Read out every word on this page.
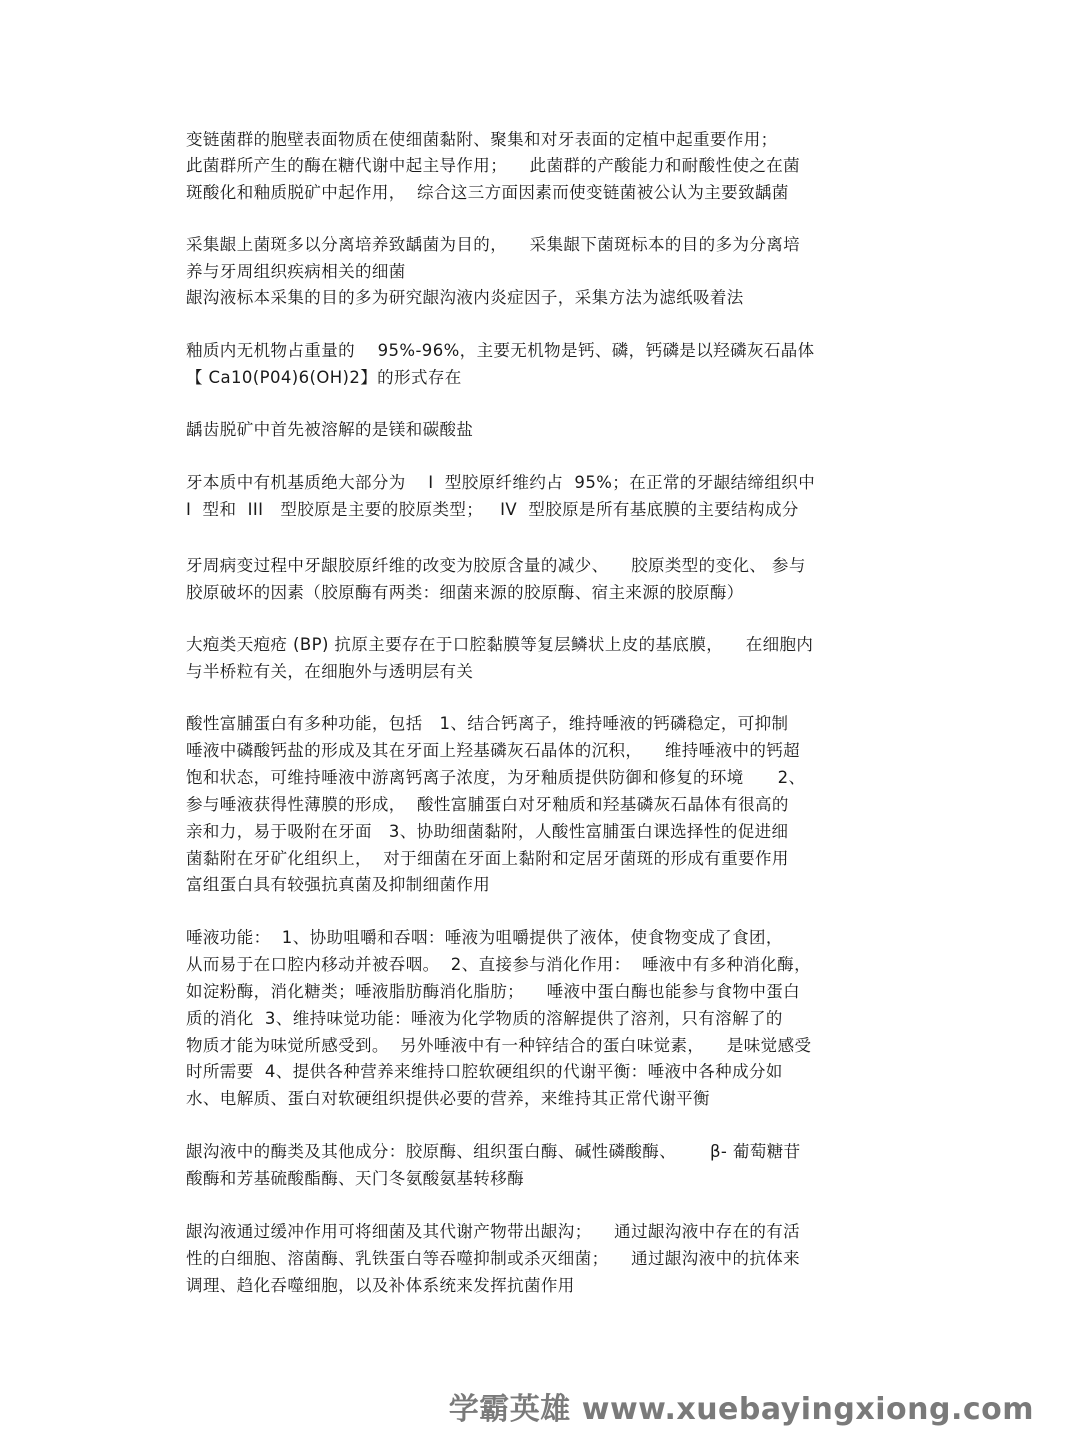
变链菌群的胞壁表面物质在使细菌黏附、聚集和对牙表面的定植中起重要作用；
此菌群所产生的酶在糖代谢中起主导作用；    此菌群的产酸能力和耐酸性使之在菌
斑酸化和釉质脱矿中起作用，  综合这三方面因素而使变链菌被公认为主要致龋菌
采集龈上菌斑多以分离培养致龋菌为目的，    采集龈下菌斑标本的目的多为分离培
养与牙周组织疾病相关的细菌
龈沟液标本采集的目的多为研究龈沟液内炎症因子，采集方法为滤纸吸着法
釉质内无机物占重量的    95%-96%，主要无机物是钙、磷，钙磷是以羟磷灰石晶体
【 Ca10(P04)6(OH)2】的形式存在
龋齿脱矿中首先被溶解的是镁和碳酸盐
牙本质中有机基质绝大部分为    I  型胶原纤维约占  95%；在正常的牙龈结缔组织中
I  型和  III   型胶原是主要的胶原类型；   IV  型胶原是所有基底膜的主要结构成分
牙周病变过程中牙龈胶原纤维的改变为胶原含量的减少、    胶原类型的变化、 参与
胶原破坏的因素（胶原酶有两类：细菌来源的胶原酶、宿主来源的胶原酶）
大疱类天疱疮 (BP) 抗原主要存在于口腔黏膜等复层鳞状上皮的基底膜，    在细胞内
与半桥粒有关，在细胞外与透明层有关
酸性富脯蛋白有多种功能，包括   1、结合钙离子，维持唾液的钙磷稳定，可抑制
唾液中磷酸钙盐的形成及其在牙面上羟基磷灰石晶体的沉积，    维持唾液中的钙超
饱和状态，可维持唾液中游离钙离子浓度，为牙釉质提供防御和修复的环境      2、
参与唾液获得性薄膜的形成，  酸性富脯蛋白对牙釉质和羟基磷灰石晶体有很高的
亲和力，易于吸附在牙面   3、协助细菌黏附，人酸性富脯蛋白课选择性的促进细
菌黏附在牙矿化组织上，  对于细菌在牙面上黏附和定居牙菌斑的形成有重要作用
富组蛋白具有较强抗真菌及抑制细菌作用
唾液功能：  1、协助咀嚼和吞咽：唾液为咀嚼提供了液体，使食物变成了食团，
从而易于在口腔内移动并被吞咽。  2、直接参与消化作用：  唾液中有多种消化酶，
如淀粉酶，消化糖类；唾液脂肪酶消化脂肪；    唾液中蛋白酶也能参与食物中蛋白
质的消化  3、维持味觉功能：唾液为化学物质的溶解提供了溶剂，只有溶解了的
物质才能为味觉所感受到。  另外唾液中有一种锌结合的蛋白味觉素，    是味觉感受
时所需要  4、提供各种营养来维持口腔软硬组织的代谢平衡：唾液中各种成分如
水、电解质、蛋白对软硬组织提供必要的营养，来维持其正常代谢平衡
龈沟液中的酶类及其他成分：胶原酶、组织蛋白酶、碱性磷酸酶、      β- 葡萄糖苷
酸酶和芳基硫酸酯酶、天门冬氨酸氨基转移酶
龈沟液通过缓冲作用可将细菌及其代谢产物带出龈沟；    通过龈沟液中存在的有活
性的白细胞、溶菌酶、乳铁蛋白等吞噬抑制或杀灭细菌；    通过龈沟液中的抗体来
调理、趋化吞噬细胞，以及补体系统来发挥抗菌作用
学霸英雄 www.xuebayingxiong.com
